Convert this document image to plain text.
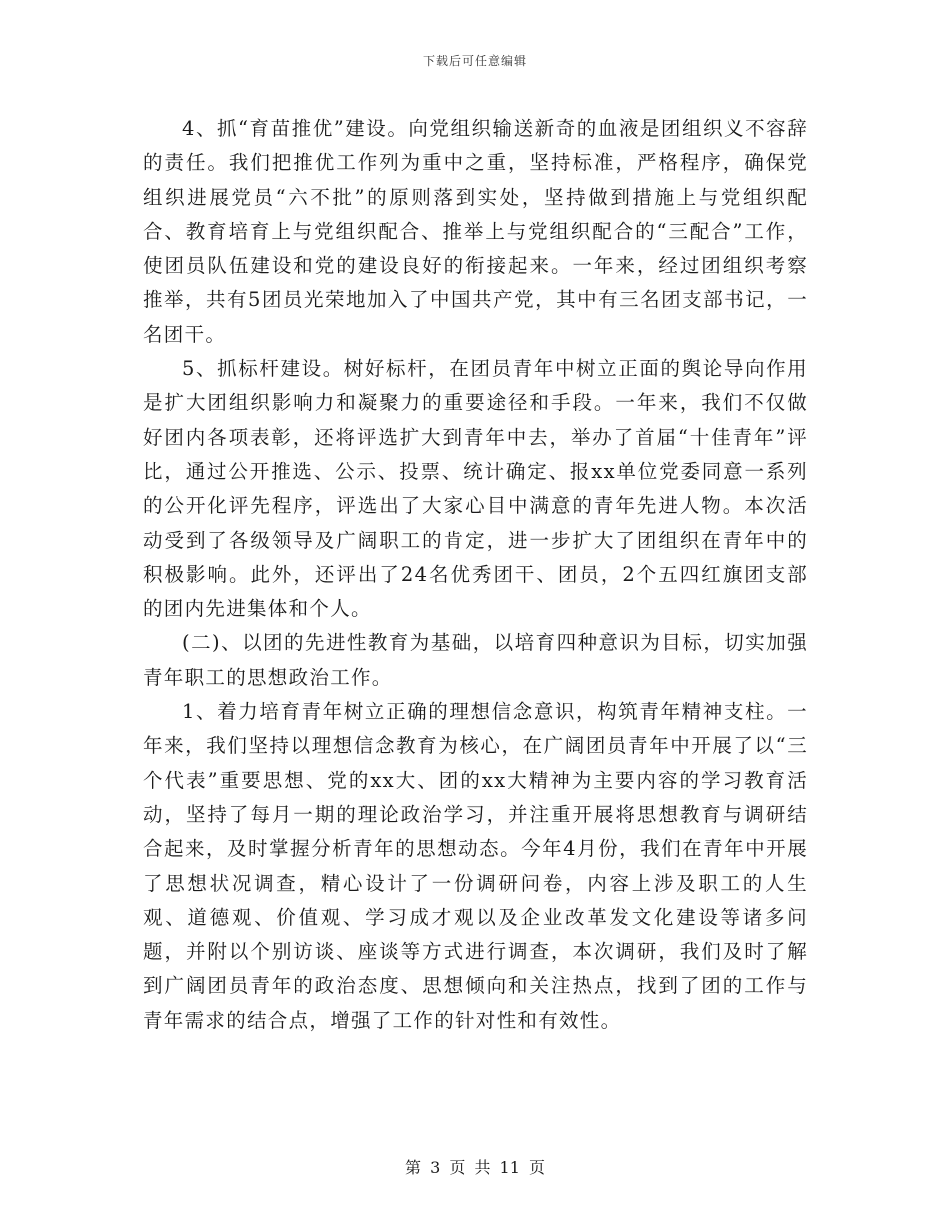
下载后可任意编辑

4、抓“育苗推优”建设。向党组织输送新奇的血液是团组织义不容辞的责任。我们把推优工作列为重中之重，坚持标准，严格程序，确保党组织进展党员“六不批”的原则落到实处，坚持做到措施上与党组织配合、教育培育上与党组织配合、推举上与党组织配合的“三配合”工作，使团员队伍建设和党的建设良好的衔接起来。一年来，经过团组织考察推举，共有5团员光荣地加入了中国共产党，其中有三名团支部书记，一名团干。

5、抓标杆建设。树好标杆，在团员青年中树立正面的舆论导向作用是扩大团组织影响力和凝聚力的重要途径和手段。一年来，我们不仅做好团内各项表彰，还将评选扩大到青年中去，举办了首届“十佳青年”评比，通过公开推选、公示、投票、统计确定、报xx单位党委同意一系列的公开化评先程序，评选出了大家心目中满意的青年先进人物。本次活动受到了各级领导及广阔职工的肯定，进一步扩大了团组织在青年中的积极影响。此外，还评出了24名优秀团干、团员，2个五四红旗团支部的团内先进集体和个人。

(二)、以团的先进性教育为基础，以培育四种意识为目标，切实加强青年职工的思想政治工作。

1、着力培育青年树立正确的理想信念意识，构筑青年精神支柱。一年来，我们坚持以理想信念教育为核心，在广阔团员青年中开展了以“三个代表”重要思想、党的xx大、团的xx大精神为主要内容的学习教育活动，坚持了每月一期的理论政治学习，并注重开展将思想教育与调研结合起来，及时掌握分析青年的思想动态。今年4月份，我们在青年中开展了思想状况调查，精心设计了一份调研问卷，内容上涉及职工的人生观、道德观、价值观、学习成才观以及企业改革发文化建设等诸多问题，并附以个别访谈、座谈等方式进行调查，本次调研，我们及时了解到广阔团员青年的政治态度、思想倾向和关注热点，找到了团的工作与青年需求的结合点，增强了工作的针对性和有效性。

第 3 页 共 11 页
